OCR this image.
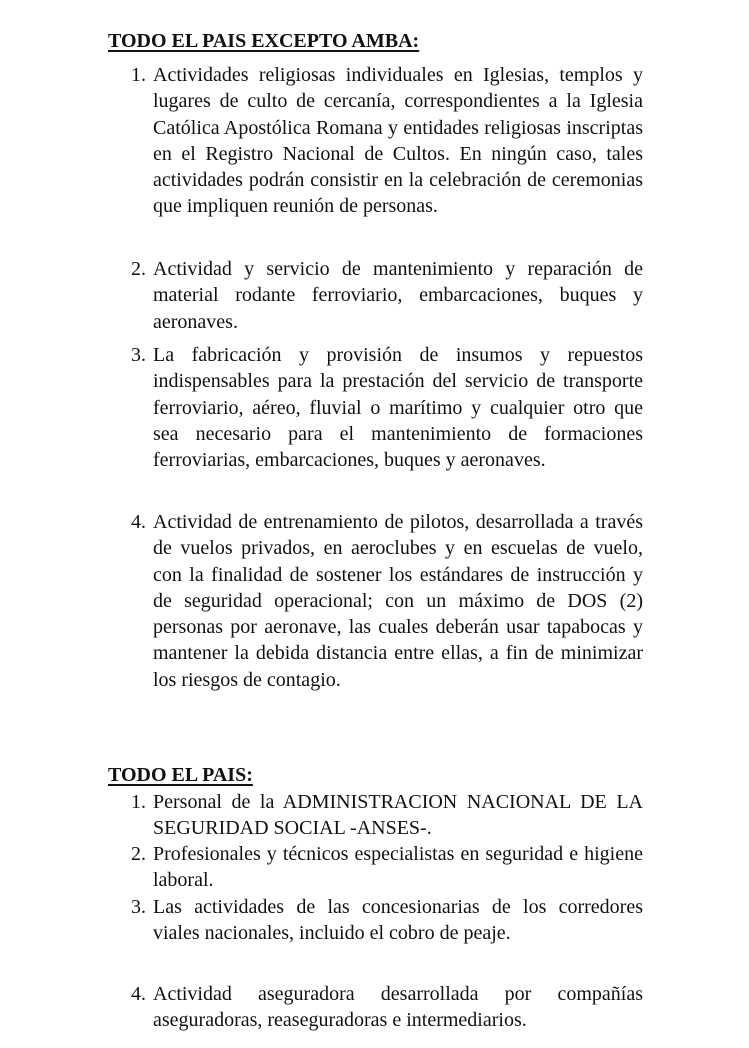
TODO EL PAIS EXCEPTO AMBA:
1. Actividades religiosas individuales en Iglesias, templos y lugares de culto de cercanía, correspondientes a la Iglesia Católica Apostólica Romana y entidades religiosas inscriptas en el Registro Nacional de Cultos. En ningún caso, tales actividades podrán consistir en la celebración de ceremonias que impliquen reunión de personas.
2. Actividad y servicio de mantenimiento y reparación de material rodante ferroviario, embarcaciones, buques y aeronaves.
3. La fabricación y provisión de insumos y repuestos indispensables para la prestación del servicio de transporte ferroviario, aéreo, fluvial o marítimo y cualquier otro que sea necesario para el mantenimiento de formaciones ferroviarias, embarcaciones, buques y aeronaves.
4. Actividad de entrenamiento de pilotos, desarrollada a través de vuelos privados, en aeroclubes y en escuelas de vuelo, con la finalidad de sostener los estándares de instrucción y de seguridad operacional; con un máximo de DOS (2) personas por aeronave, las cuales deberán usar tapabocas y mantener la debida distancia entre ellas, a fin de minimizar los riesgos de contagio.
TODO EL PAIS:
1. Personal de la ADMINISTRACION NACIONAL DE LA SEGURIDAD SOCIAL -ANSES-.
2. Profesionales y técnicos especialistas en seguridad e higiene laboral.
3. Las actividades de las concesionarias de los corredores viales nacionales, incluido el cobro de peaje.
4. Actividad aseguradora desarrollada por compañías aseguradoras, reaseguradoras e intermediarios.
